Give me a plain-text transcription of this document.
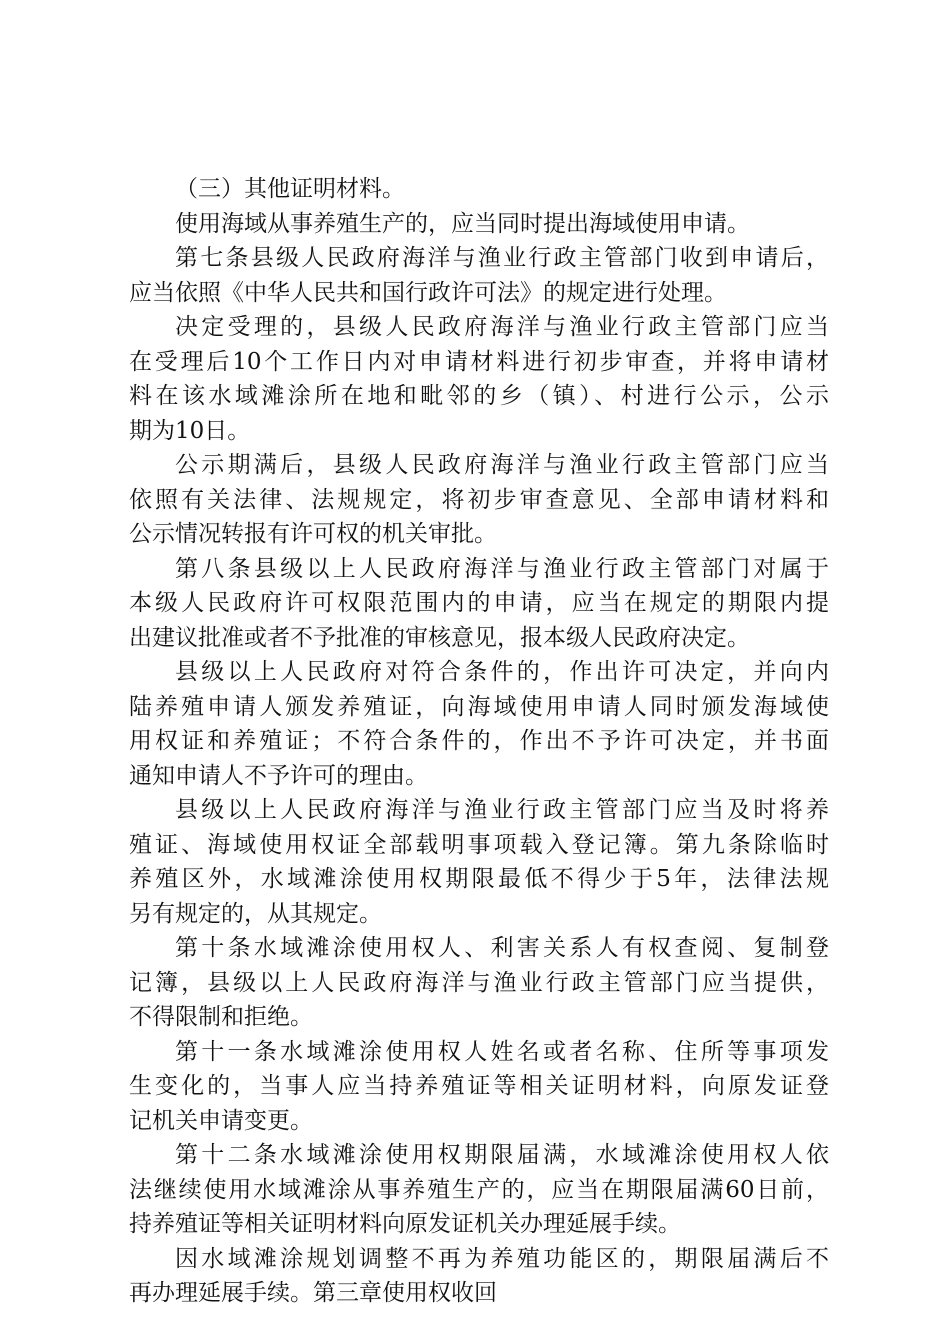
（三）其他证明材料。
使用海域从事养殖生产的，应当同时提出海域使用申请。
第七条县级人民政府海洋与渔业行政主管部门收到申请后，
应当依照《中华人民共和国行政许可法》的规定进行处理。
决定受理的，县级人民政府海洋与渔业行政主管部门应当
在受理后10个工作日内对申请材料进行初步审查，并将申请材
料在该水域滩涂所在地和毗邻的乡（镇）、村进行公示，公示
期为10日。
公示期满后，县级人民政府海洋与渔业行政主管部门应当
依照有关法律、法规规定，将初步审查意见、全部申请材料和
公示情况转报有许可权的机关审批。
第八条县级以上人民政府海洋与渔业行政主管部门对属于
本级人民政府许可权限范围内的申请，应当在规定的期限内提
出建议批准或者不予批准的审核意见，报本级人民政府决定。
县级以上人民政府对符合条件的，作出许可决定，并向内
陆养殖申请人颁发养殖证，向海域使用申请人同时颁发海域使
用权证和养殖证；不符合条件的，作出不予许可决定，并书面
通知申请人不予许可的理由。
县级以上人民政府海洋与渔业行政主管部门应当及时将养
殖证、海域使用权证全部载明事项载入登记簿。第九条除临时
养殖区外，水域滩涂使用权期限最低不得少于5年，法律法规
另有规定的，从其规定。
第十条水域滩涂使用权人、利害关系人有权查阅、复制登
记簿，县级以上人民政府海洋与渔业行政主管部门应当提供，
不得限制和拒绝。
第十一条水域滩涂使用权人姓名或者名称、住所等事项发
生变化的，当事人应当持养殖证等相关证明材料，向原发证登
记机关申请变更。
第十二条水域滩涂使用权期限届满，水域滩涂使用权人依
法继续使用水域滩涂从事养殖生产的，应当在期限届满60日前，
持养殖证等相关证明材料向原发证机关办理延展手续。
因水域滩涂规划调整不再为养殖功能区的，期限届满后不
再办理延展手续。第三章使用权收回
